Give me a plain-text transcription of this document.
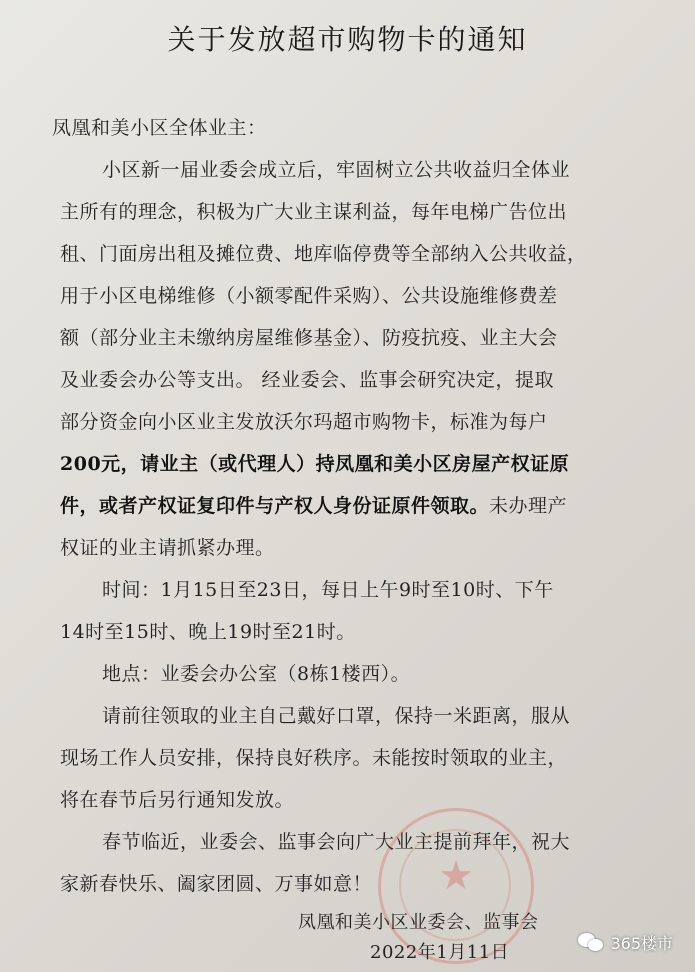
关于发放超市购物卡的通知
凤凰和美小区全体业主：
小区新一届业委会成立后，牢固树立公共收益归全体业
主所有的理念，积极为广大业主谋利益，每年电梯广告位出
租、门面房出租及摊位费、地库临停费等全部纳入公共收益，
用于小区电梯维修（小额零配件采购）、公共设施维修费差
额（部分业主未缴纳房屋维修基金）、防疫抗疫、业主大会
及业委会办公等支出。 经业委会、监事会研究决定，提取
部分资金向小区业主发放沃尔玛超市购物卡，标准为每户
200元，请业主（或代理人）持凤凰和美小区房屋产权证原
件，或者产权证复印件与产权人身份证原件领取。未办理产
权证的业主请抓紧办理。
时间：1月15日至23日，每日上午9时至10时、下午
14时至15时、晚上19时至21时。
地点：业委会办公室（8栋1楼西）。
请前往领取的业主自己戴好口罩，保持一米距离，服从
现场工作人员安排，保持良好秩序。未能按时领取的业主，
将在春节后另行通知发放。
春节临近，业委会、监事会向广大业主提前拜年，祝大
家新春快乐、阖家团圆、万事如意！	★
凤凰和美小区业委会、监事会
2022年1月11日	365楼市
